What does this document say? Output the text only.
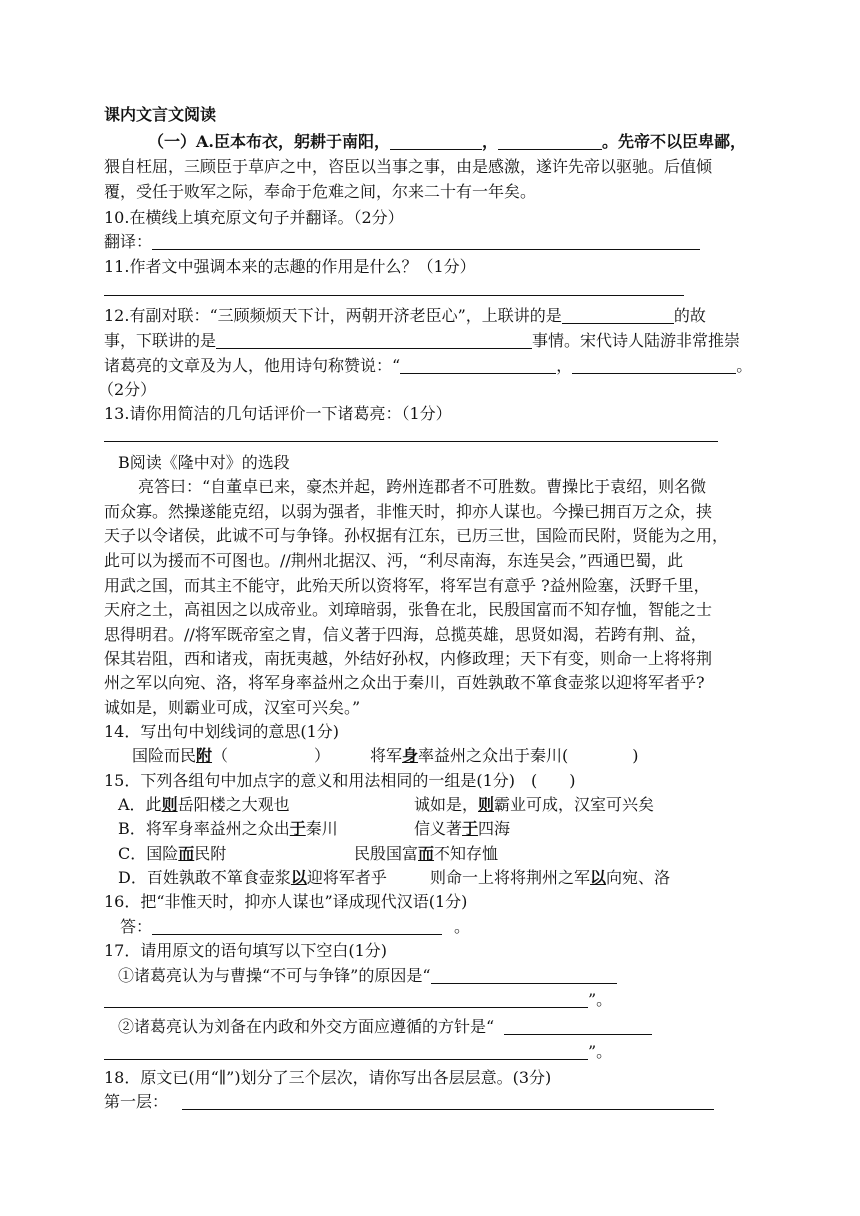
课内文言文阅读
（一）A.臣本布衣，躬耕于南阳，	，	。先帝不以臣卑鄙，
猥自枉屈，三顾臣于草庐之中，咨臣以当事之事，由是感激，遂许先帝以驱驰。后值倾
覆，受任于败军之际，奉命于危难之间，尔来二十有一年矣。
10.在横线上填充原文句子并翻译。（2分）
翻译：
11.作者文中强调本来的志趣的作用是什么？（1分）
12.有副对联：“三顾频烦天下计，两朝开济老臣心”，上联讲的是	的故
事，下联讲的是	事情。宋代诗人陆游非常推崇
诸葛亮的文章及为人，他用诗句称赞说：“	，	。
（2分）
13.请你用简洁的几句话评价一下诸葛亮：（1分）
B阅读《隆中对》的选段
亮答曰：“自董卓已来，豪杰并起，跨州连郡者不可胜数。曹操比于袁绍，则名微
而众寡。然操遂能克绍，以弱为强者，非惟天时，抑亦人谋也。今操已拥百万之众，挟
天子以令诸侯，此诚不可与争锋。孙权据有江东，已历三世，国险而民附，贤能为之用，
此可以为援而不可图也。//荆州北据汉、沔，“利尽南海，东连吴会，”西通巴蜀，此
用武之国，而其主不能守，此殆天所以资将军，将军岂有意乎 ?益州险塞，沃野千里，
天府之土，高祖因之以成帝业。刘璋暗弱，张鲁在北，民殷国富而不知存恤，智能之士
思得明君。//将军既帝室之胄，信义著于四海，总揽英雄，思贤如渴，若跨有荆、益，
保其岩阻，西和诸戎，南抚夷越，外结好孙权，内修政理；天下有变，则命一上将将荆
州之军以向宛、洛，将军身率益州之众出于秦川，百姓孰敢不箪食壶浆以迎将军者乎?
诚如是，则霸业可成，汉室可兴矣。”
14．写出句中划线词的意思(1分)
国险而民附（	） 将军身率益州之众出于秦川(	)
15．下列各组句中加点字的意义和用法相同的一组是(1分)　(　　)
A．此则岳阳楼之大观也	诚如是，则霸业可成，汉室可兴矣
B．将军身率益州之众出于秦川	信义著于四海
C．国险而民附	民殷国富而不知存恤
D．百姓孰敢不箪食壶浆以迎将军者乎	则命一上将将荆州之军以向宛、洛
16．把“非惟天时，抑亦人谋也”译成现代汉语(1分)
答：	。
17．请用原文的语句填写以下空白(1分)
①诸葛亮认为与曹操“不可与争锋”的原因是“
”。
②诸葛亮认为刘备在内政和外交方面应遵循的方针是“
”。
18．原文已(用“∥”)划分了三个层次，请你写出各层层意。(3分)
第一层：
